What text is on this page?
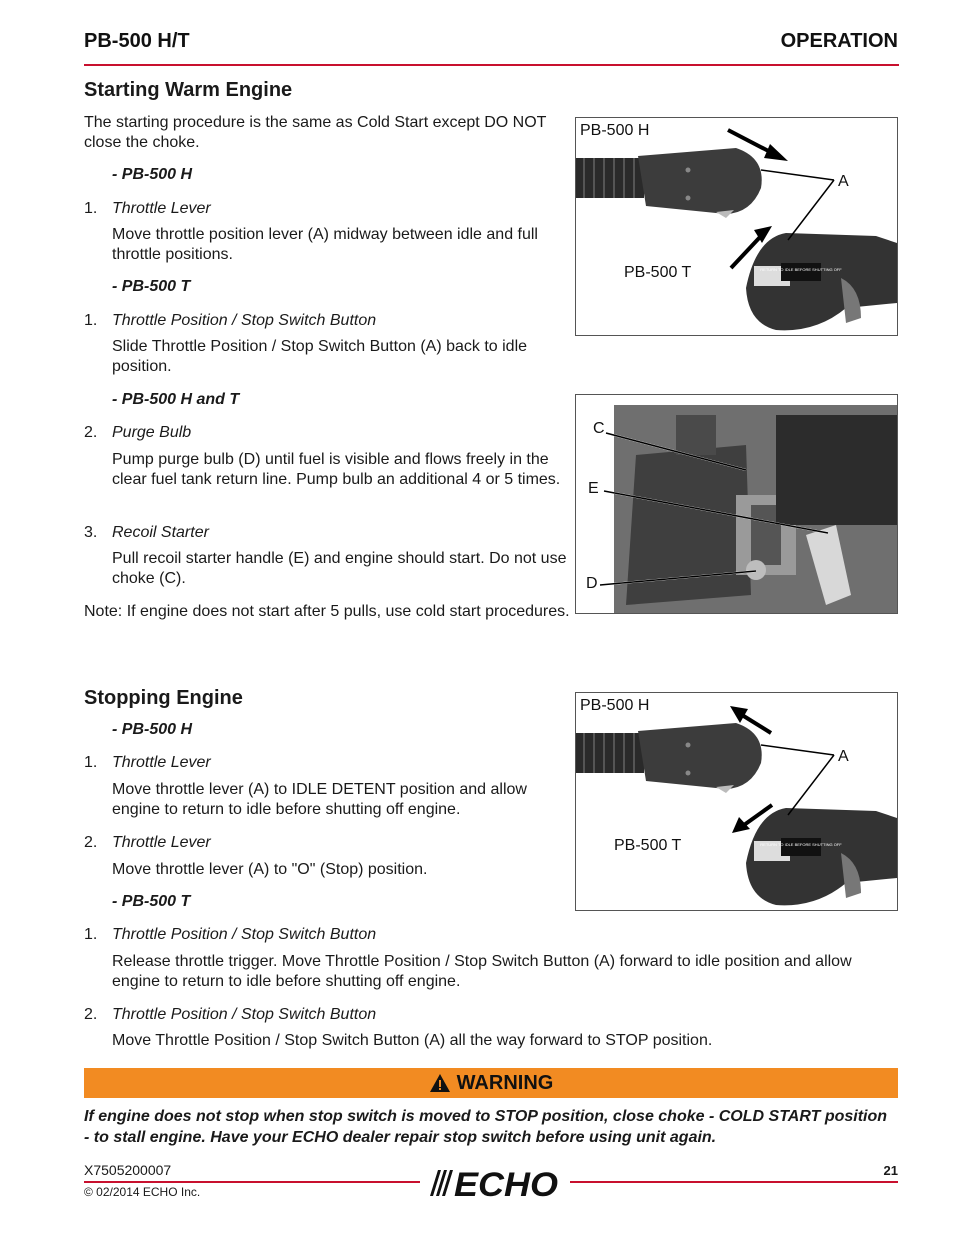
PB-500 H/T	OPERATION
Starting Warm Engine

The starting procedure is the same as Cold Start except DO NOT close the choke.

- PB-500 H

1. Throttle Lever

Move throttle position lever (A) midway between idle and full throttle positions.

- PB-500 T

1. Throttle Position / Stop Switch Button

Slide Throttle Position / Stop Switch Button (A) back to idle position.

- PB-500 H and T

2. Purge Bulb

Pump purge bulb (D) until fuel is visible and flows freely in the clear fuel tank return line. Pump bulb an additional 4 or 5 times.

3. Recoil Starter

Pull recoil starter handle (E) and engine should start. Do not use choke (C).

Note: If engine does not start after 5 pulls, use cold start procedures.

PB-500 H
PB-500 T
A
RETURN TO IDLE BEFORE SHUTTING OFF
C
E
D
Stopping Engine

- PB-500 H

1. Throttle Lever

Move throttle lever (A) to IDLE DETENT position and allow engine to return to idle before shutting off engine.

2. Throttle Lever

Move throttle lever (A) to "O" (Stop) position.

- PB-500 T

1. Throttle Position / Stop Switch Button

Release throttle trigger. Move Throttle Position / Stop Switch Button (A) forward to idle position and allow engine to return to idle before shutting off engine.

2. Throttle Position / Stop Switch Button

Move Throttle Position / Stop Switch Button (A) all the way forward to STOP position.

PB-500 H
PB-500 T
A
RETURN TO IDLE BEFORE SHUTTING OFF
WARNING

If engine does not stop when stop switch is moved to STOP position, close choke - COLD START position - to stall engine. Have your ECHO dealer repair stop switch before using unit again.

X7505200007
© 02/2014 ECHO Inc.
21
ECHO
